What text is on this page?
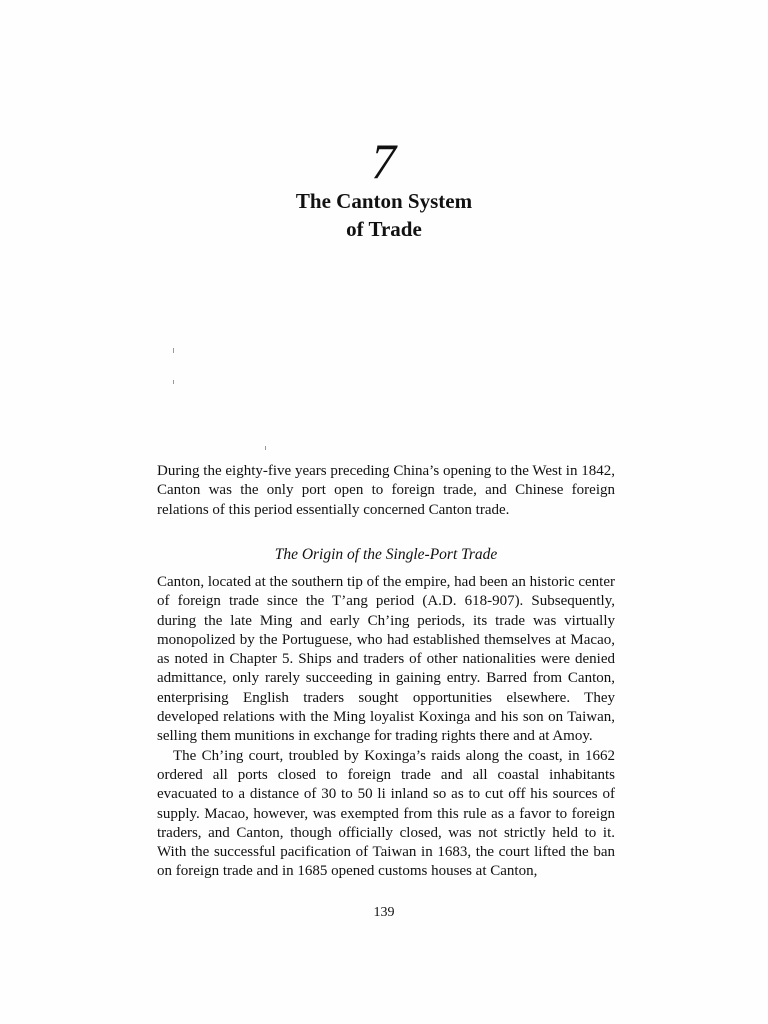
7
The Canton System
of Trade

During the eighty-five years preceding China’s opening to the West in 1842, Canton was the only port open to foreign trade, and Chinese foreign relations of this period essentially concerned Canton trade.

The Origin of the Single-Port Trade

Canton, located at the southern tip of the empire, had been an historic center of foreign trade since the T’ang period (A.D. 618-907). Subsequently, during the late Ming and early Ch’ing periods, its trade was virtually monopolized by the Portuguese, who had established themselves at Macao, as noted in Chapter 5. Ships and traders of other nationalities were denied admittance, only rarely succeeding in gaining entry. Barred from Canton, enterprising English traders sought opportunities elsewhere. They developed relations with the Ming loyalist Koxinga and his son on Taiwan, selling them munitions in exchange for trading rights there and at Amoy.

The Ch’ing court, troubled by Koxinga’s raids along the coast, in 1662 ordered all ports closed to foreign trade and all coastal inhabitants evacuated to a distance of 30 to 50 li inland so as to cut off his sources of supply. Macao, however, was exempted from this rule as a favor to foreign traders, and Canton, though officially closed, was not strictly held to it. With the successful pacification of Taiwan in 1683, the court lifted the ban on foreign trade and in 1685 opened customs houses at Canton,

139
